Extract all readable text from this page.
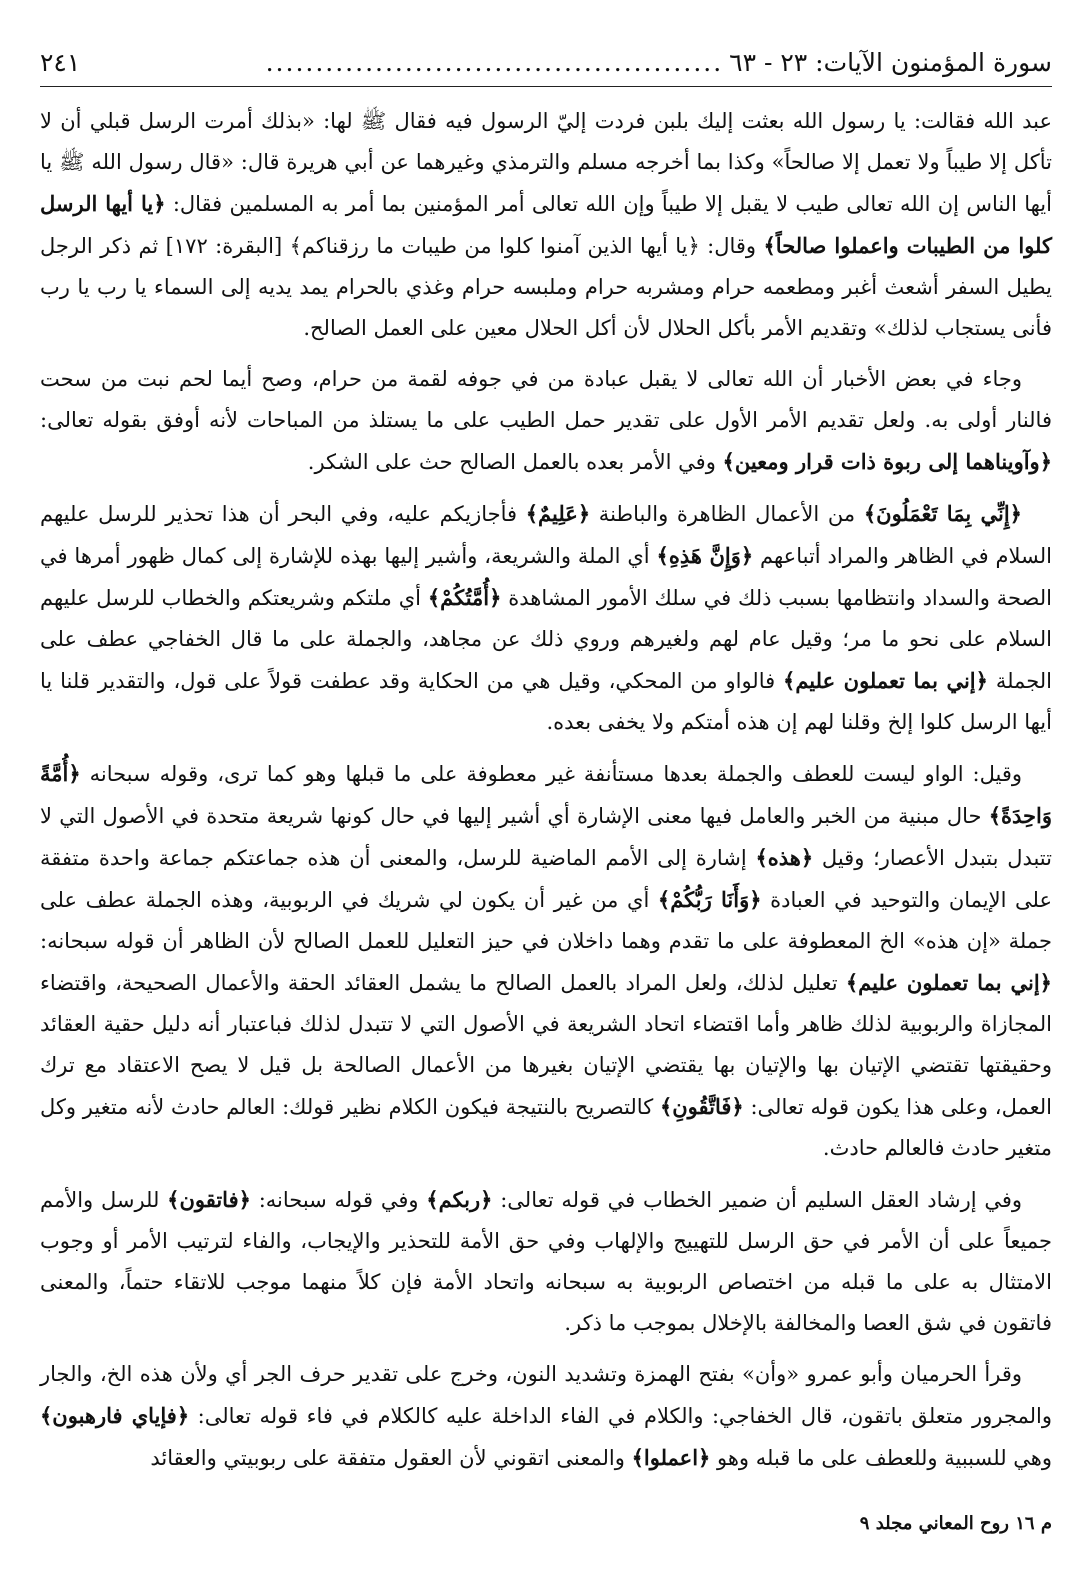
سورة المؤمنون الآيات: ٢٣ - ٦٣
..............................................
٢٤١

عبد الله فقالت: يا رسول الله بعثت إليك بلبن فردت إليّ الرسول فيه فقال ﷺ لها: «بذلك أمرت الرسل قبلي أن لا تأكل إلا طيباً ولا تعمل إلا صالحاً» وكذا بما أخرجه مسلم والترمذي وغيرهما عن أبي هريرة قال: «قال رسول الله ﷺ يا أيها الناس إن الله تعالى طيب لا يقبل إلا طيباً وإن الله تعالى أمر المؤمنين بما أمر به المسلمين فقال: ﴿يا أيها الرسل كلوا من الطيبات واعملوا صالحاً﴾ وقال: ﴿يا أيها الذين آمنوا كلوا من طيبات ما رزقناكم﴾ [البقرة: ١٧٢] ثم ذكر الرجل يطيل السفر أشعث أغبر ومطعمه حرام ومشربه حرام وملبسه حرام وغذي بالحرام يمد يديه إلى السماء يا رب يا رب فأنى يستجاب لذلك» وتقديم الأمر بأكل الحلال لأن أكل الحلال معين على العمل الصالح.

وجاء في بعض الأخبار أن الله تعالى لا يقبل عبادة من في جوفه لقمة من حرام، وصح أيما لحم نبت من سحت فالنار أولى به. ولعل تقديم الأمر الأول على تقدير حمل الطيب على ما يستلذ من المباحات لأنه أوفق بقوله تعالى: ﴿وآويناهما إلى ربوة ذات قرار ومعين﴾ وفي الأمر بعده بالعمل الصالح حث على الشكر.

﴿إِنِّي بِمَا تَعْمَلُونَ﴾ من الأعمال الظاهرة والباطنة ﴿عَلِيمٌ﴾ فأجازيكم عليه، وفي البحر أن هذا تحذير للرسل عليهم السلام في الظاهر والمراد أتباعهم ﴿وَإِنَّ هَذِهِ﴾ أي الملة والشريعة، وأشير إليها بهذه للإشارة إلى كمال ظهور أمرها في الصحة والسداد وانتظامها بسبب ذلك في سلك الأمور المشاهدة ﴿أُمَّتُكُمْ﴾ أي ملتكم وشريعتكم والخطاب للرسل عليهم السلام على نحو ما مر؛ وقيل عام لهم ولغيرهم وروي ذلك عن مجاهد، والجملة على ما قال الخفاجي عطف على الجملة ﴿إني بما تعملون عليم﴾ فالواو من المحكي، وقيل هي من الحكاية وقد عطفت قولاً على قول، والتقدير قلنا يا أيها الرسل كلوا إلخ وقلنا لهم إن هذه أمتكم ولا يخفى بعده.

وقيل: الواو ليست للعطف والجملة بعدها مستأنفة غير معطوفة على ما قبلها وهو كما ترى، وقوله سبحانه ﴿أُمَّةً وَاحِدَةً﴾ حال مبنية من الخبر والعامل فيها معنى الإشارة أي أشير إليها في حال كونها شريعة متحدة في الأصول التي لا تتبدل بتبدل الأعصار؛ وقيل ﴿هذه﴾ إشارة إلى الأمم الماضية للرسل، والمعنى أن هذه جماعتكم جماعة واحدة متفقة على الإيمان والتوحيد في العبادة ﴿وَأَنَا رَبُّكُمْ﴾ أي من غير أن يكون لي شريك في الربوبية، وهذه الجملة عطف على جملة «إن هذه» الخ المعطوفة على ما تقدم وهما داخلان في حيز التعليل للعمل الصالح لأن الظاهر أن قوله سبحانه: ﴿إني بما تعملون عليم﴾ تعليل لذلك، ولعل المراد بالعمل الصالح ما يشمل العقائد الحقة والأعمال الصحيحة، واقتضاء المجازاة والربوبية لذلك ظاهر وأما اقتضاء اتحاد الشريعة في الأصول التي لا تتبدل لذلك فباعتبار أنه دليل حقية العقائد وحقيقتها تقتضي الإتيان بها والإتيان بها يقتضي الإتيان بغيرها من الأعمال الصالحة بل قيل لا يصح الاعتقاد مع ترك العمل، وعلى هذا يكون قوله تعالى: ﴿فَاتَّقُونِ﴾ كالتصريح بالنتيجة فيكون الكلام نظير قولك: العالم حادث لأنه متغير وكل متغير حادث فالعالم حادث.

وفي إرشاد العقل السليم أن ضمير الخطاب في قوله تعالى: ﴿ربكم﴾ وفي قوله سبحانه: ﴿فاتقون﴾ للرسل والأمم جميعاً على أن الأمر في حق الرسل للتهييج والإلهاب وفي حق الأمة للتحذير والإيجاب، والفاء لترتيب الأمر أو وجوب الامتثال به على ما قبله من اختصاص الربوبية به سبحانه واتحاد الأمة فإن كلاً منهما موجب للاتقاء حتماً، والمعنى فاتقون في شق العصا والمخالفة بالإخلال بموجب ما ذكر.

وقرأ الحرميان وأبو عمرو «وأن» بفتح الهمزة وتشديد النون، وخرج على تقدير حرف الجر أي ولأن هذه الخ، والجار والمجرور متعلق باتقون، قال الخفاجي: والكلام في الفاء الداخلة عليه كالكلام في فاء قوله تعالى: ﴿فإياي فارهبون﴾ وهي للسببية وللعطف على ما قبله وهو ﴿اعملوا﴾ والمعنى اتقوني لأن العقول متفقة على ربوبيتي والعقائد

م ١٦ روح المعاني مجلد ٩
